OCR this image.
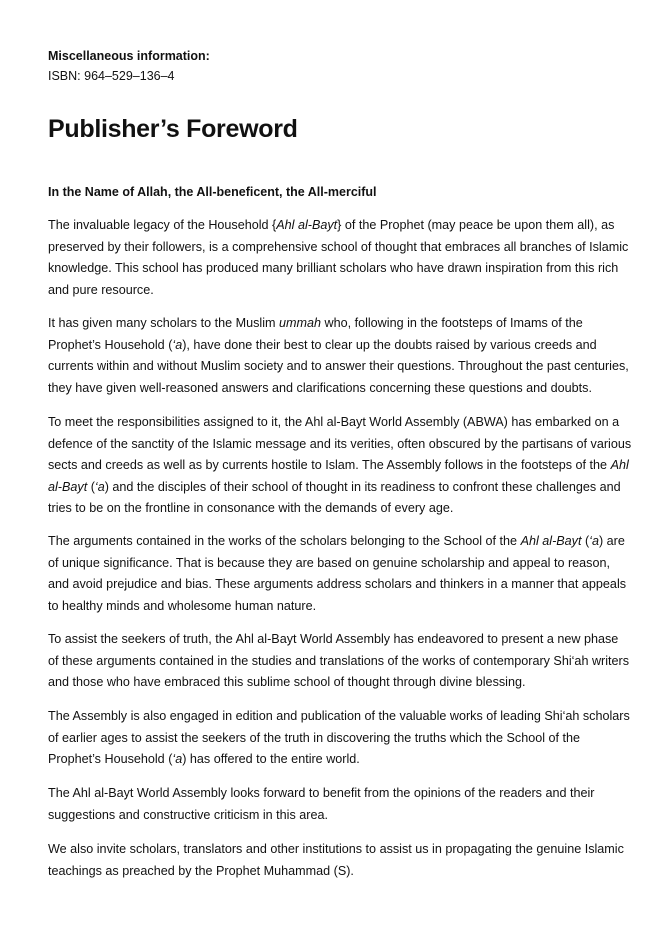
Miscellaneous information:
ISBN: 964–529–136–4
Publisher’s Foreword

In the Name of Allah, the All-beneficent, the All-merciful

The invaluable legacy of the Household {Ahl al-Bayt} of the Prophet (may peace be upon them all), as
preserved by their followers, is a comprehensive school of thought that embraces all branches of Islamic
knowledge. This school has produced many brilliant scholars who have drawn inspiration from this rich
and pure resource.

It has given many scholars to the Muslim ummah who, following in the footsteps of Imams of the
Prophet’s Household (‘a), have done their best to clear up the doubts raised by various creeds and
currents within and without Muslim society and to answer their questions. Throughout the past centuries,
they have given well-reasoned answers and clarifications concerning these questions and doubts.

To meet the responsibilities assigned to it, the Ahl al-Bayt World Assembly (ABWA) has embarked on a
defence of the sanctity of the Islamic message and its verities, often obscured by the partisans of various
sects and creeds as well as by currents hostile to Islam. The Assembly follows in the footsteps of the Ahl
al-Bayt (‘a) and the disciples of their school of thought in its readiness to confront these challenges and
tries to be on the frontline in consonance with the demands of every age.

The arguments contained in the works of the scholars belonging to the School of the Ahl al-Bayt (‘a) are
of unique significance. That is because they are based on genuine scholarship and appeal to reason,
and avoid prejudice and bias. These arguments address scholars and thinkers in a manner that appeals
to healthy minds and wholesome human nature.

To assist the seekers of truth, the Ahl al-Bayt World Assembly has endeavored to present a new phase
of these arguments contained in the studies and translations of the works of contemporary Shi‘ah writers
and those who have embraced this sublime school of thought through divine blessing.

The Assembly is also engaged in edition and publication of the valuable works of leading Shi‘ah scholars
of earlier ages to assist the seekers of the truth in discovering the truths which the School of the
Prophet’s Household (‘a) has offered to the entire world.

The Ahl al-Bayt World Assembly looks forward to benefit from the opinions of the readers and their
suggestions and constructive criticism in this area.

We also invite scholars, translators and other institutions to assist us in propagating the genuine Islamic
teachings as preached by the Prophet Muhammad (S).
